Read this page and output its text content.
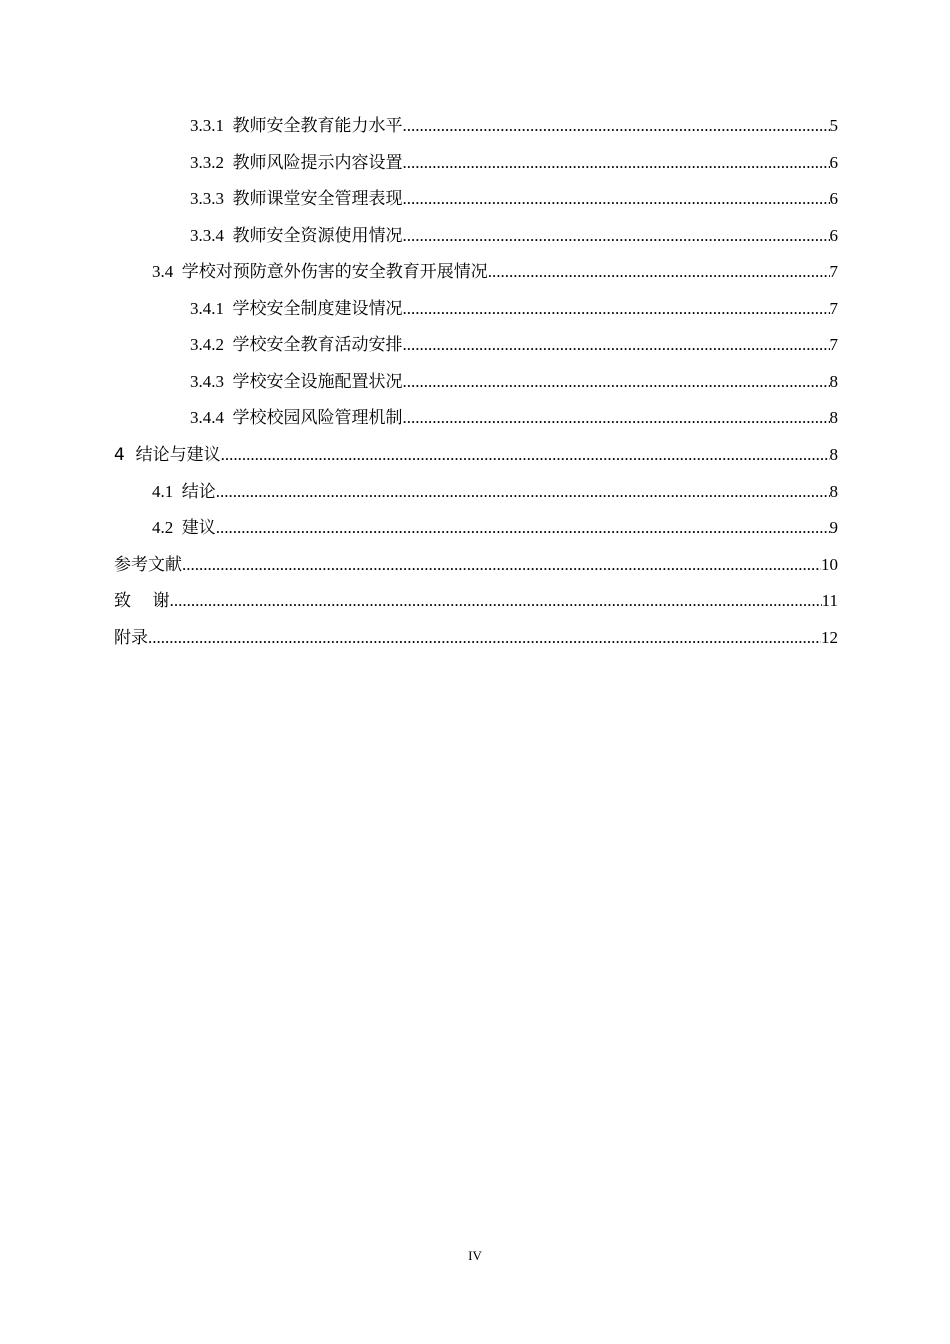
3.3.1 教师安全教育能力水平 .....	5
3.3.2 教师风险提示内容设置 .....	6
3.3.3 教师课堂安全管理表现 .....	6
3.3.4 教师安全资源使用情况 .....	6
3.4 学校对预防意外伤害的安全教育开展情况 .....	7
3.4.1 学校安全制度建设情况 .....	7
3.4.2 学校安全教育活动安排 .....	7
3.4.3 学校安全设施配置状况 .....	8
3.4.4 学校校园风险管理机制 .....	8
4 结论与建议 .....	8
4.1 结论 .....	8
4.2 建议 .....	9
参考文献 .....	10
致    谢 .....	11
附录 .....	12
IV
